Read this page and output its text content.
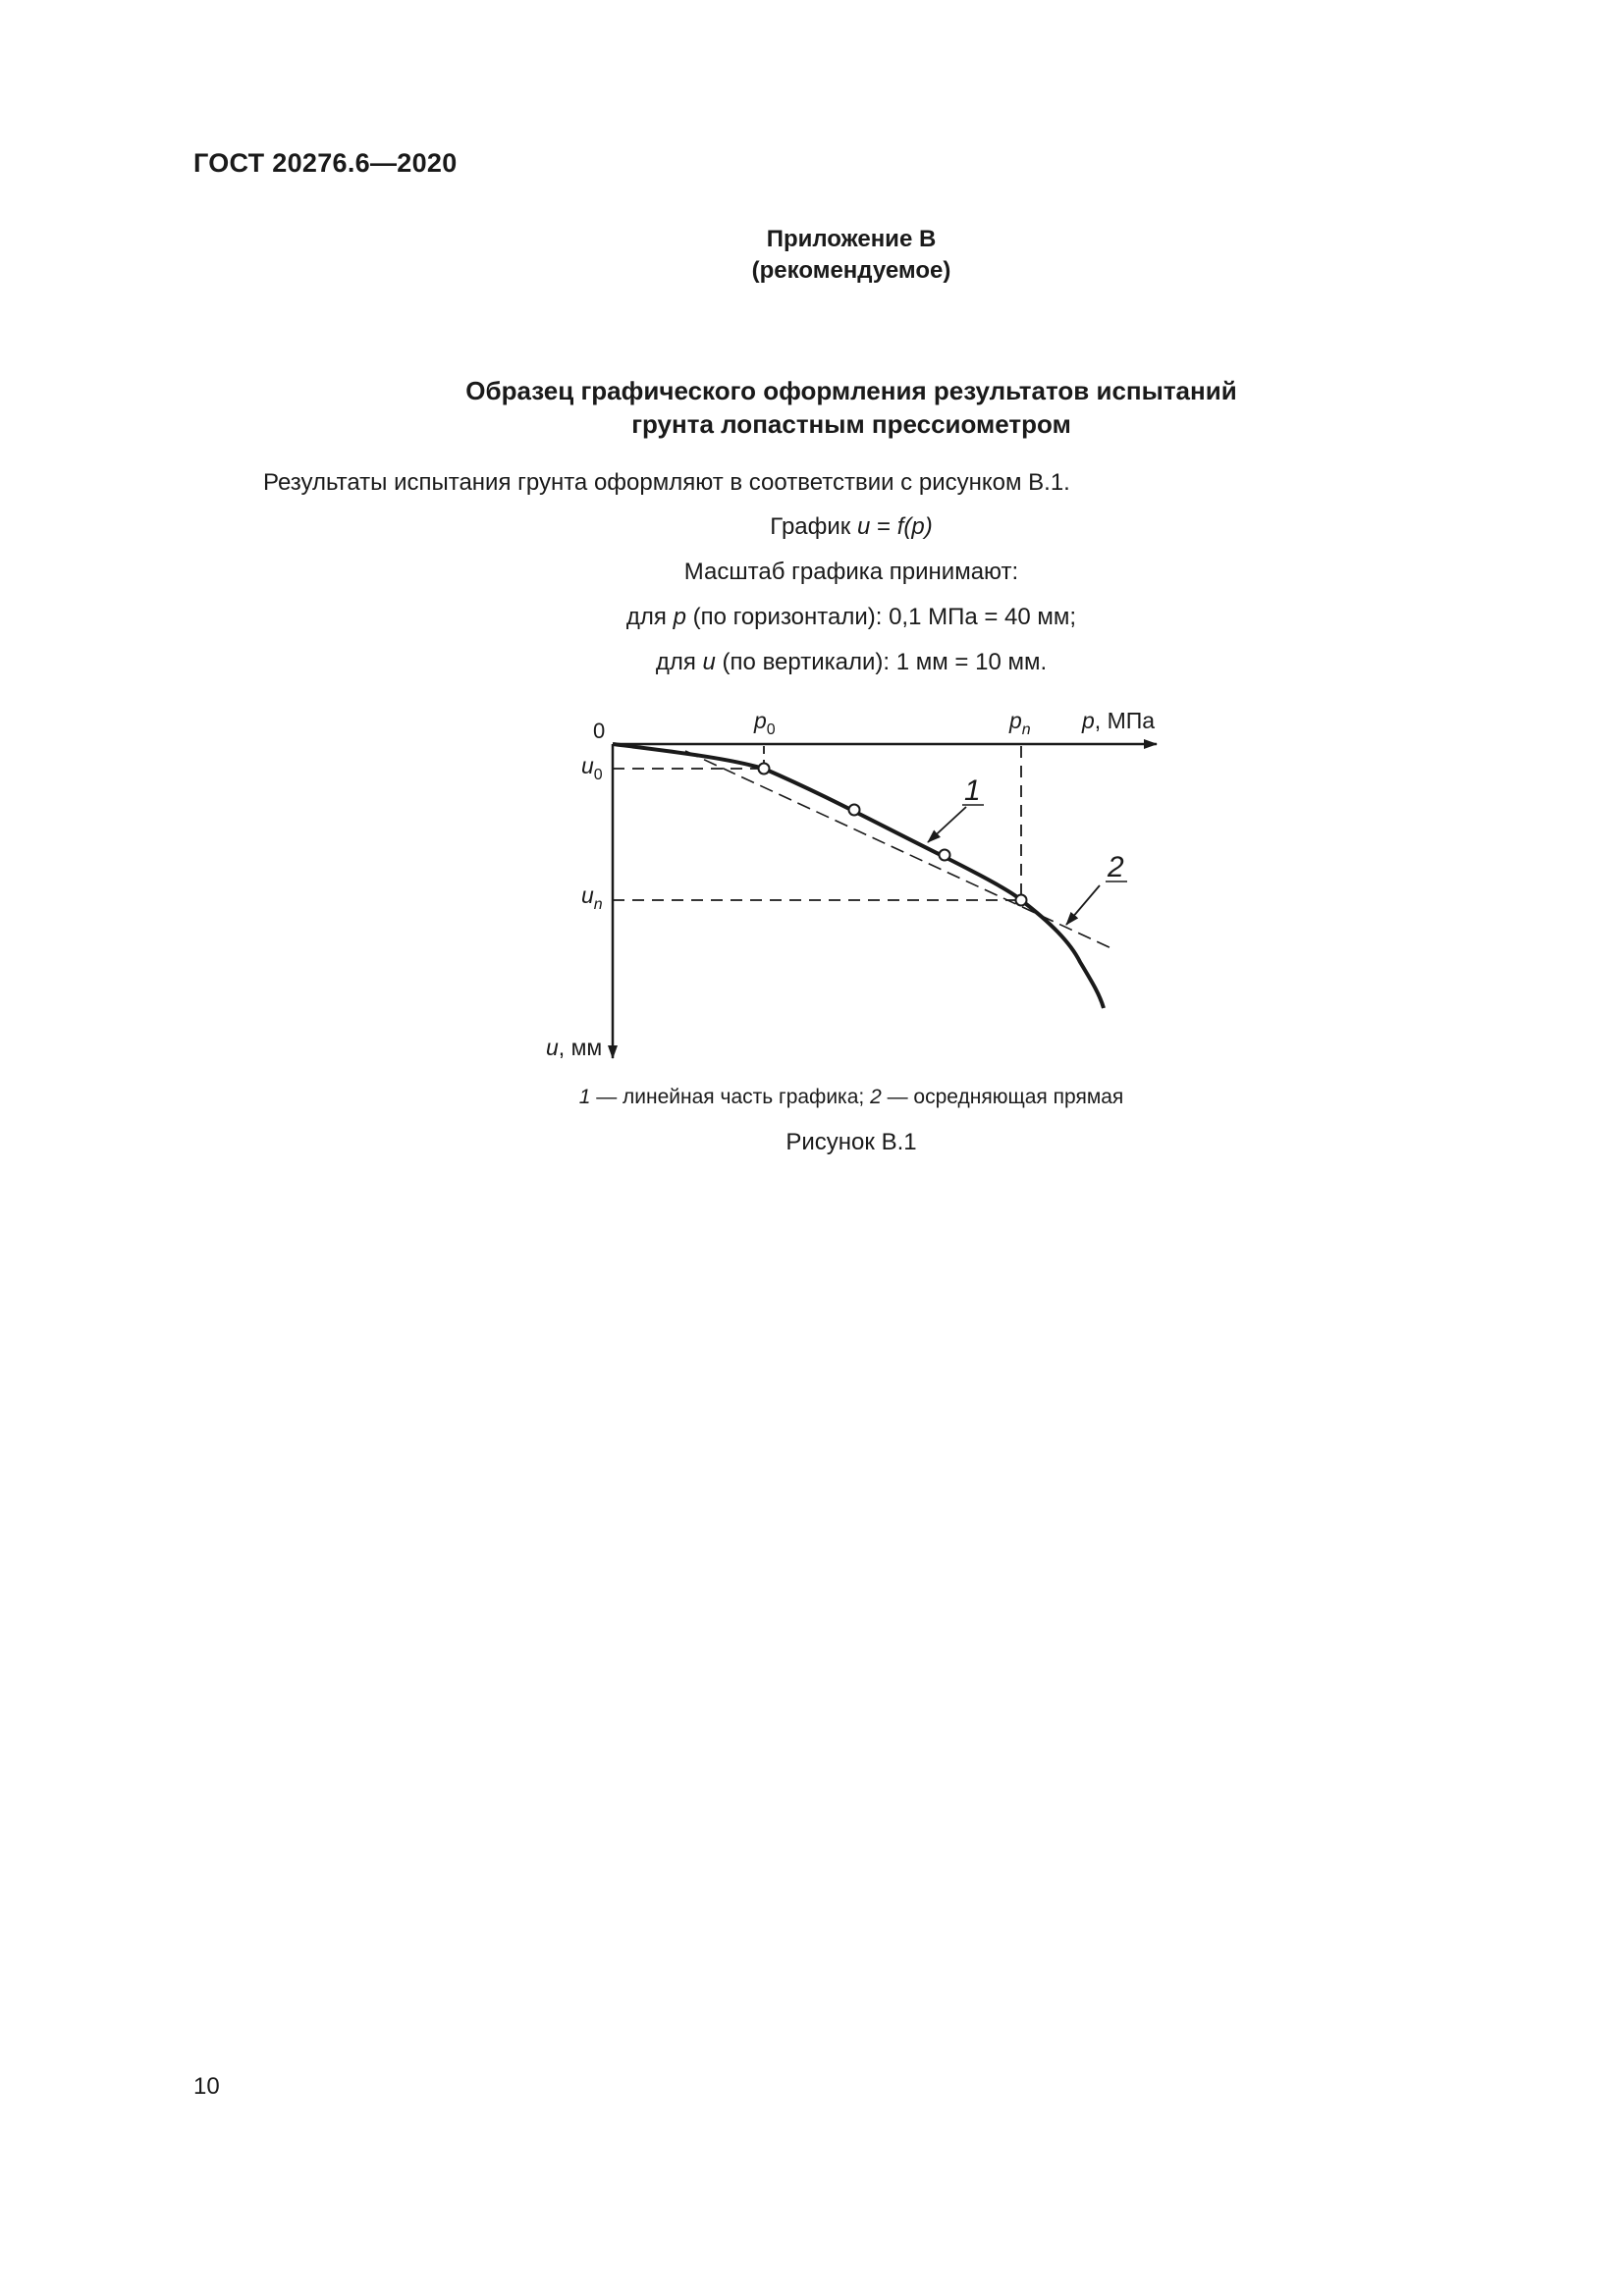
ГОСТ 20276.6—2020
Приложение В
(рекомендуемое)
Образец графического оформления результатов испытаний
грунта лопастным прессиометром
Результаты испытания грунта оформляют в соответствии с рисунком В.1.
График u = f(p)
Масштаб графика принимают:
для p (по горизонтали): 0,1 МПа = 40 мм;
для u (по вертикали): 1 мм = 10 мм.
0	$p_0$	$p_n$ p, МПа
$u_0$
$u_n$
u, мм
1
2
1 — линейная часть графика; 2 — осредняющая прямая
Рисунок В.1
10
